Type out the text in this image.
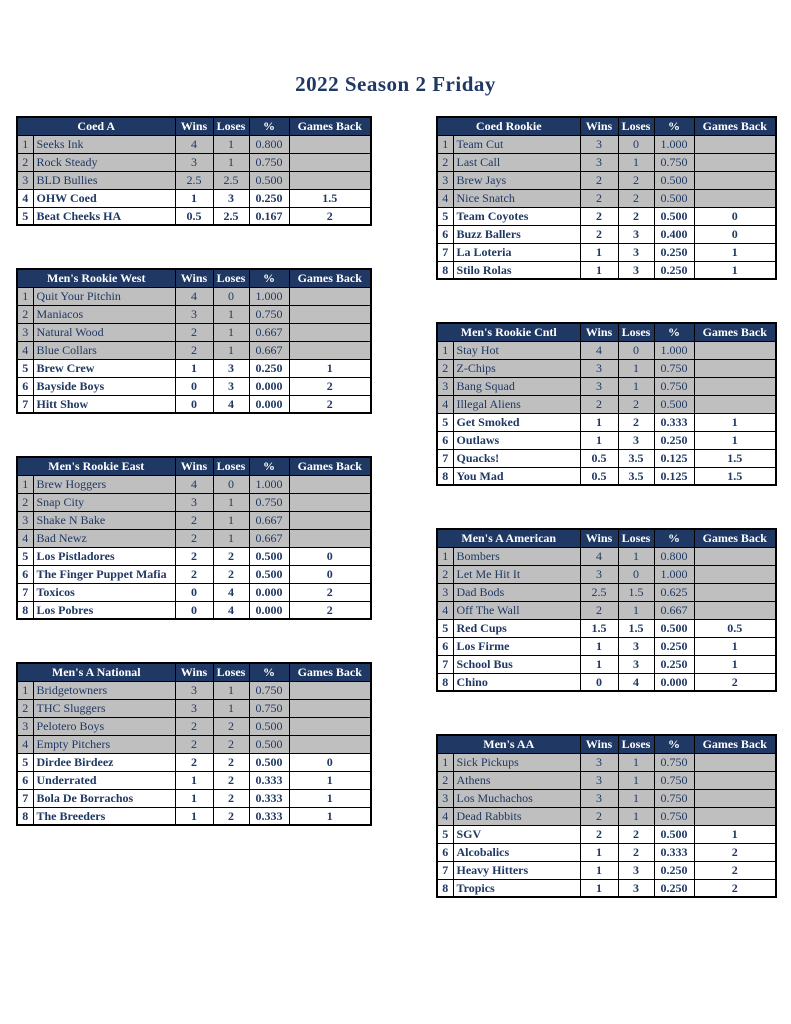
2022 Season 2 Friday
Coed A		Wins	Loses	%	Games Back
1	Seeks Ink	4	1	0.800	
2	Rock Steady	3	1	0.750	
3	BLD Bullies	2.5	2.5	0.500	
4	OHW Coed	1	3	0.250	1.5
5	Beat Cheeks HA	0.5	2.5	0.167	2
Men's Rookie West		Wins	Loses	%	Games Back
1	Quit Your Pitchin	4	0	1.000	
2	Maniacos	3	1	0.750	
3	Natural Wood	2	1	0.667	
4	Blue Collars	2	1	0.667	
5	Brew Crew	1	3	0.250	1
6	Bayside Boys	0	3	0.000	2
7	Hitt Show	0	4	0.000	2
Men's Rookie East		Wins	Loses	%	Games Back
1	Brew Hoggers	4	0	1.000	
2	Snap City	3	1	0.750	
3	Shake N Bake	2	1	0.667	
4	Bad Newz	2	1	0.667	
5	Los Pistladores	2	2	0.500	0
6	The Finger Puppet Mafia	2	2	0.500	0
7	Toxicos	0	4	0.000	2
8	Los Pobres	0	4	0.000	2
Men's A National		Wins	Loses	%	Games Back
1	Bridgetowners	3	1	0.750	
2	THC Sluggers	3	1	0.750	
3	Pelotero Boys	2	2	0.500	
4	Empty Pitchers	2	2	0.500	
5	Dirdee Birdeez	2	2	0.500	0
6	Underrated	1	2	0.333	1
7	Bola De Borrachos	1	2	0.333	1
8	The Breeders	1	2	0.333	1
Coed Rookie		Wins	Loses	%	Games Back
1	Team Cut	3	0	1.000	
2	Last Call	3	1	0.750	
3	Brew Jays	2	2	0.500	
4	Nice Snatch	2	2	0.500	
5	Team Coyotes	2	2	0.500	0
6	Buzz Ballers	2	3	0.400	0
7	La Loteria	1	3	0.250	1
8	Stilo Rolas	1	3	0.250	1
Men's Rookie Cntl		Wins	Loses	%	Games Back
1	Stay Hot	4	0	1.000	
2	Z-Chips	3	1	0.750	
3	Bang Squad	3	1	0.750	
4	Illegal Aliens	2	2	0.500	
5	Get Smoked	1	2	0.333	1
6	Outlaws	1	3	0.250	1
7	Quacks!	0.5	3.5	0.125	1.5
8	You Mad	0.5	3.5	0.125	1.5
Men's A American		Wins	Loses	%	Games Back
1	Bombers	4	1	0.800	
2	Let Me Hit It	3	0	1.000	
3	Dad Bods	2.5	1.5	0.625	
4	Off The Wall	2	1	0.667	
5	Red Cups	1.5	1.5	0.500	0.5
6	Los Firme	1	3	0.250	1
7	School Bus	1	3	0.250	1
8	Chino	0	4	0.000	2
Men's AA		Wins	Loses	%	Games Back
1	Sick Pickups	3	1	0.750	
2	Athens	3	1	0.750	
3	Los Muchachos	3	1	0.750	
4	Dead Rabbits	2	1	0.750	
5	SGV	2	2	0.500	1
6	Alcobalics	1	2	0.333	2
7	Heavy Hitters	1	3	0.250	2
8	Tropics	1	3	0.250	2
